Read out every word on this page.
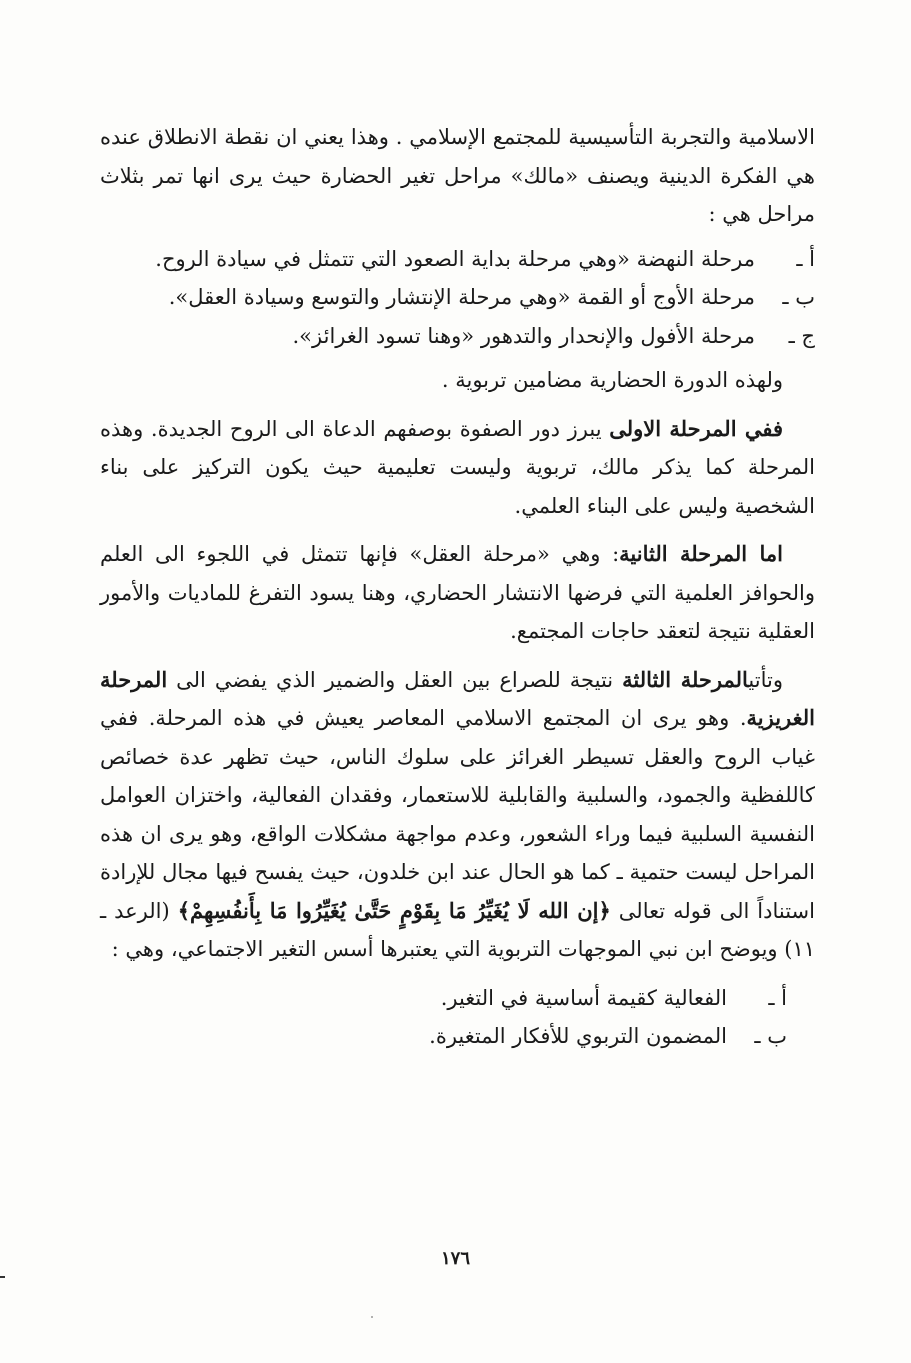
الاسلامية والتجربة التأسيسية للمجتمع الإسلامي . وهذا يعني ان نقطة الانطلاق عنده هي الفكرة الدينية ويصنف «مالك» مراحل تغير الحضارة حيث يرى انها تمر بثلاث مراحل هي :

أ ـ
مرحلة النهضة «وهي مرحلة بداية الصعود التي تتمثل في سيادة الروح.
ب ـ
مرحلة الأوج أو القمة «وهي مرحلة الإنتشار والتوسع وسيادة العقل».
ج ـ
مرحلة الأفول والإنحدار والتدهور «وهنا تسود الغرائز».

ولهذه الدورة الحضارية مضامين تربوية .

ففي المرحلة الاولى يبرز دور الصفوة بوصفهم الدعاة الى الروح الجديدة. وهذه المرحلة كما يذكر مالك، تربوية وليست تعليمية حيث يكون التركيز على بناء الشخصية وليس على البناء العلمي.

اما المرحلة الثانية: وهي «مرحلة العقل» فإنها تتمثل في اللجوء الى العلم والحوافز العلمية التي فرضها الانتشار الحضاري، وهنا يسود التفرغ للماديات والأمور العقلية نتيجة لتعقد حاجات المجتمع.

وتأتيالمرحلة الثالثة نتيجة للصراع بين العقل والضمير الذي يفضي الى المرحلة الغريزية. وهو يرى ان المجتمع الاسلامي المعاصر يعيش في هذه المرحلة. ففي غياب الروح والعقل تسيطر الغرائز على سلوك الناس، حيث تظهر عدة خصائص كاللفظية والجمود، والسلبية والقابلية للاستعمار، وفقدان الفعالية، واختزان العوامل النفسية السلبية فيما وراء الشعور، وعدم مواجهة مشكلات الواقع، وهو يرى ان هذه المراحل ليست حتمية ـ كما هو الحال عند ابن خلدون، حيث يفسح فيها مجال للإرادة استناداً الى قوله تعالى ﴿إن الله لَا يُغَيِّرُ مَا بِقَوْمٍ حَتَّىٰ يُغَيِّرُوا مَا بِأَنفُسِهِمْ﴾ (الرعد ـ ١١) ويوضح ابن نبي الموجهات التربوية التي يعتبرها أسس التغير الاجتماعي، وهي :

أ ـ
الفعالية كقيمة أساسية في التغير.
ب ـ
المضمون التربوي للأفكار المتغيرة.
١٧٦
